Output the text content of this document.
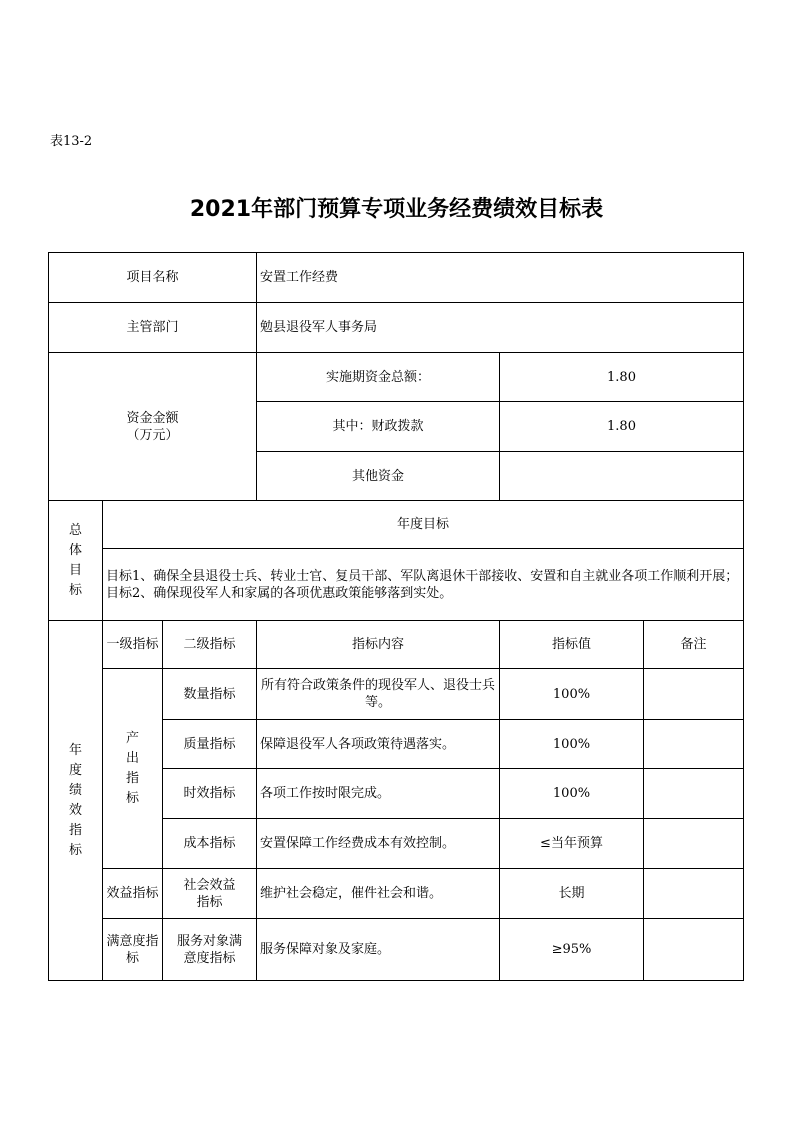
表13-2
2021年部门预算专项业务经费绩效目标表
项目名称			安置工作经费		
主管部门			勉县退役军人事务局		

资金金额
（万元）			实施期资金总额：	1.80	
			其中：财政拨款	1.80	
			其他资金		

总体目标	年度目标				

	目标1、确保全县退役士兵、转业士官、复员干部、军队离退休干部接收、安置和自主就业各项工作顺利开展；
目标2、确保现役军人和家属的各项优惠政策能够落到实处。				

年度绩效指标	一级指标	二级指标	指标内容	指标值	备注

	产出指标	数量指标	所有符合政策条件的现役军人、退役士兵等。	100%	
		质量指标	保障退役军人各项政策待遇落实。	100%	
		时效指标	各项工作按时限完成。	100%	
		成本指标	安置保障工作经费成本有效控制。	≤当年预算	
	效益指标	社会效益指标	维护社会稳定，催件社会和谐。	长期	
	满意度指标	服务对象满意度指标	服务保障对象及家庭。	≥95%	
